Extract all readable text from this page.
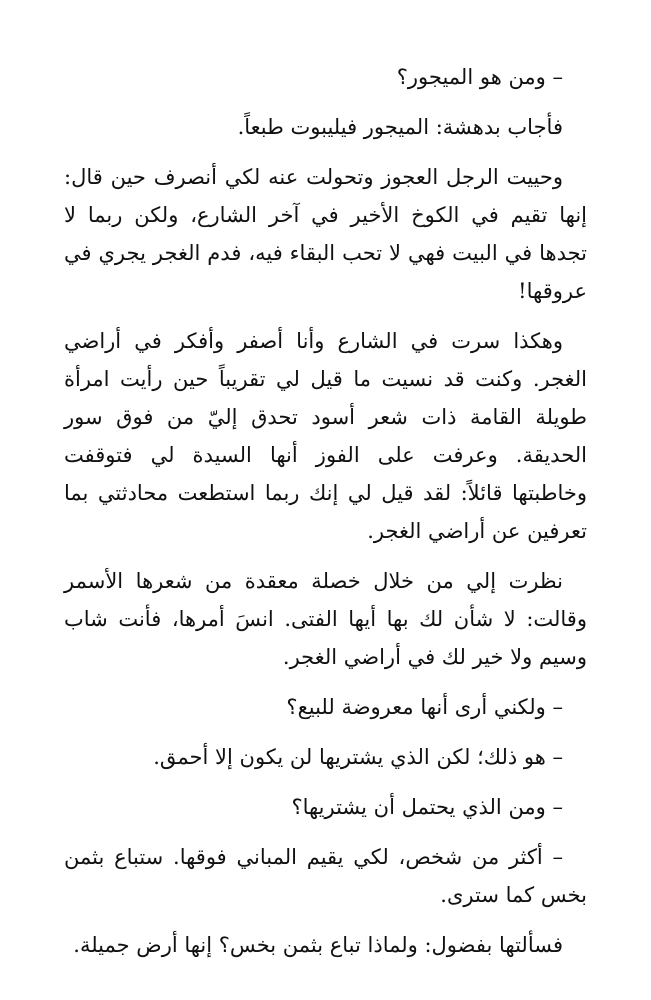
– ومن هو الميجور؟

فأجاب بدهشة: الميجور فيليبوت طبعاً.

وحييت الرجل العجوز وتحولت عنه لكي أنصرف حين قال: إنها تقيم في الكوخ الأخير في آخر الشارع، ولكن ربما لا تجدها في البيت فهي لا تحب البقاء فيه، فدم الغجر يجري في عروقها!

وهكذا سرت في الشارع وأنا أصفر وأفكر في أراضي الغجر. وكنت قد نسيت ما قيل لي تقريباً حين رأيت امرأة طويلة القامة ذات شعر أسود تحدق إليّ من فوق سور الحديقة. وعرفت على الفوز أنها السيدة لي فتوقفت وخاطبتها قائلاً: لقد قيل لي إنك ربما استطعت محادثتي بما تعرفين عن أراضي الغجر.

نظرت إلي من خلال خصلة معقدة من شعرها الأسمر وقالت: لا شأن لك بها أيها الفتى. انسَ أمرها، فأنت شاب وسيم ولا خير لك في أراضي الغجر.

– ولكني أرى أنها معروضة للبيع؟

– هو ذلك؛ لكن الذي يشتريها لن يكون إلا أحمق.

– ومن الذي يحتمل أن يشتريها؟

– أكثر من شخص، لكي يقيم المباني فوقها. ستباع بثمن بخس كما سترى.

فسألتها بفضول: ولماذا تباع بثمن بخس؟ إنها أرض جميلة.
